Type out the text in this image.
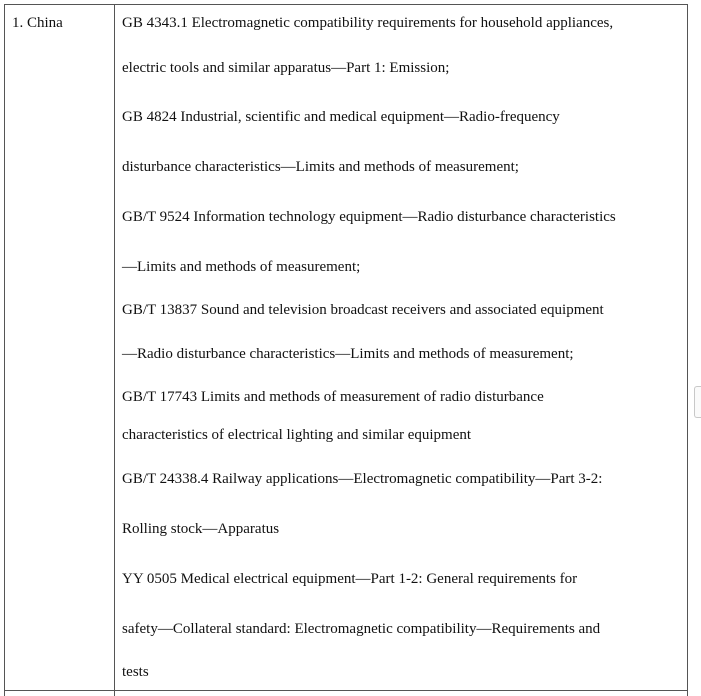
1. China	GB 4343.1 Electromagnetic compatibility requirements for household appliances,
electric tools and similar apparatus—Part 1: Emission;
GB 4824 Industrial, scientific and medical equipment—Radio-frequency
disturbance characteristics—Limits and methods of measurement;
GB/T 9524 Information technology equipment—Radio disturbance characteristics
—Limits and methods of measurement;
GB/T 13837 Sound and television broadcast receivers and associated equipment
—Radio disturbance characteristics—Limits and methods of measurement;
GB/T 17743 Limits and methods of measurement of radio disturbance
characteristics of electrical lighting and similar equipment
GB/T 24338.4 Railway applications—Electromagnetic compatibility—Part 3-2:
Rolling stock—Apparatus
YY 0505 Medical electrical equipment—Part 1-2: General requirements for
safety—Collateral standard: Electromagnetic compatibility—Requirements and
tests
